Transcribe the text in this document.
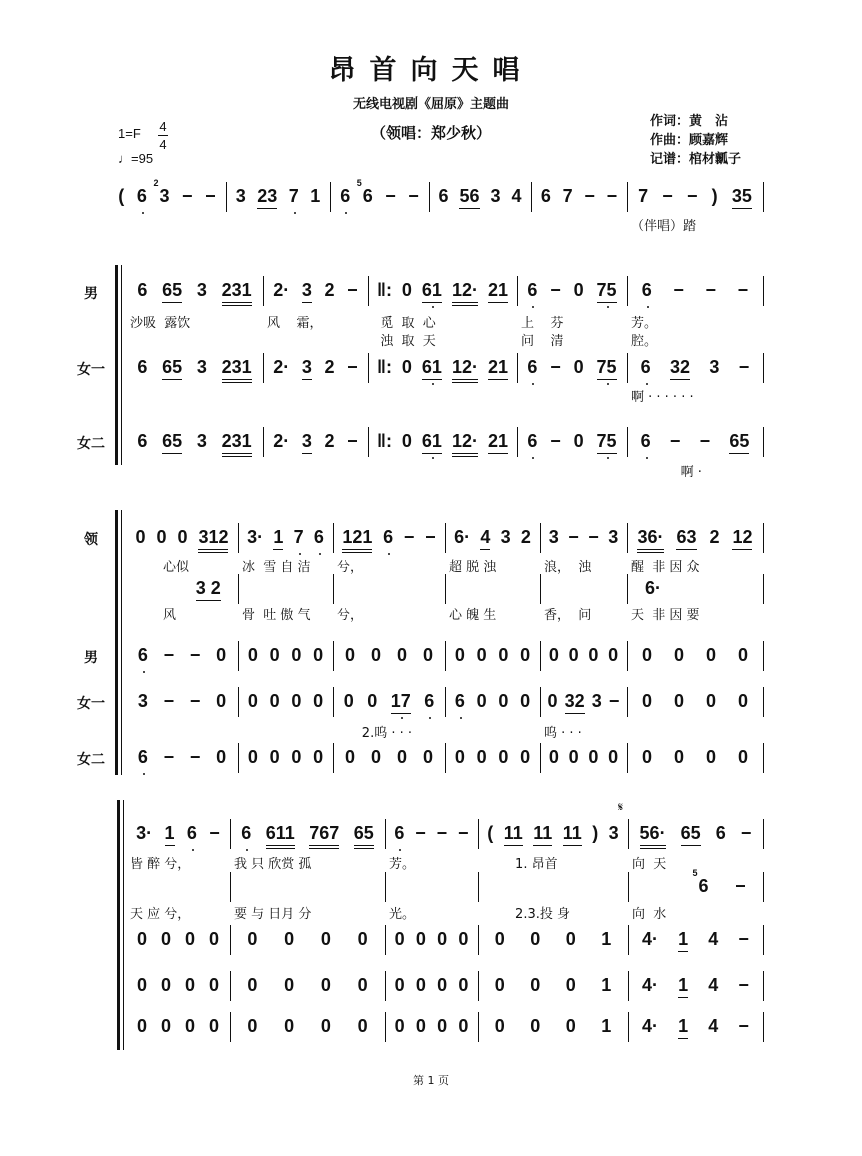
昂首向天唱
无线电视剧《屈原》主题曲
（领唱：郑少秋）
作词：黄　沾
作曲：顾嘉辉
记谱：棺材瓤子
1=F 4
4
♩=95
𝄋
男
女一
女二
领
男
女一
女二
( 6
2
3 − − 3 23 7 1 6
5
6 − − 6 56 3 4 6 7 − − 7 − − ) 35
（伴唱）踏
6 65 3 231 2· 3 2 − ‖: 0 61 12· 21 6 − 0 75 6 − − −
沙吸  露饮	风    霜，	觅  取  心	上    芬	芳。
浊  取  天	问    清	腔。
6 65 3 231 2· 3 2 − ‖: 0 61 12· 21 6 − 0 75 6 32 3 −
啊 · · · · · ·
6 65 3 231 2· 3 2 − ‖: 0 61 12· 21 6 − 0 75 6 − − 65
啊 ·
0 0 0 312 3· 1 7 6 121 6 − − 6· 4 3 2 3 − − 3 36· 63 2 12
心似	冰  雪 自 洁 兮，	超 脱 浊	浪，  浊	醒  非 因 众
3 2	6·
风	骨  吐 傲 气 兮，	心 魄 生	香，  问	天  非 因 要
6 − − 0 0 0 0 0 0 0 0 0 0 0 0 0 0 0 0 0 0 0 0 0
3 − − 0 0 0 0 0 0 0 17 6 6 0 0 0 0 32 3 − 0 0 0 0
2.呜 · · ·	呜 · · ·
6 − − 0 0 0 0 0 0 0 0 0 0 0 0 0 0 0 0 0 0 0 0 0
3· 1 6 − 6 611 767 65 6 − − − ( 11 11 11 ) 3 56· 65 6 −
皆 醉 兮，	我 只 欣赏 孤	芳。	1. 昂首	向  天
5
6 −
天 应 兮，	要 与 日月 分	光。	2.3.投 身	向  水
0 0 0 0 0 0 0 0 0 0 0 0 0 0 0 1 4· 1 4 −
0 0 0 0 0 0 0 0 0 0 0 0 0 0 0 1 4· 1 4 −
0 0 0 0 0 0 0 0 0 0 0 0 0 0 0 1 4· 1 4 −
第 1 页
